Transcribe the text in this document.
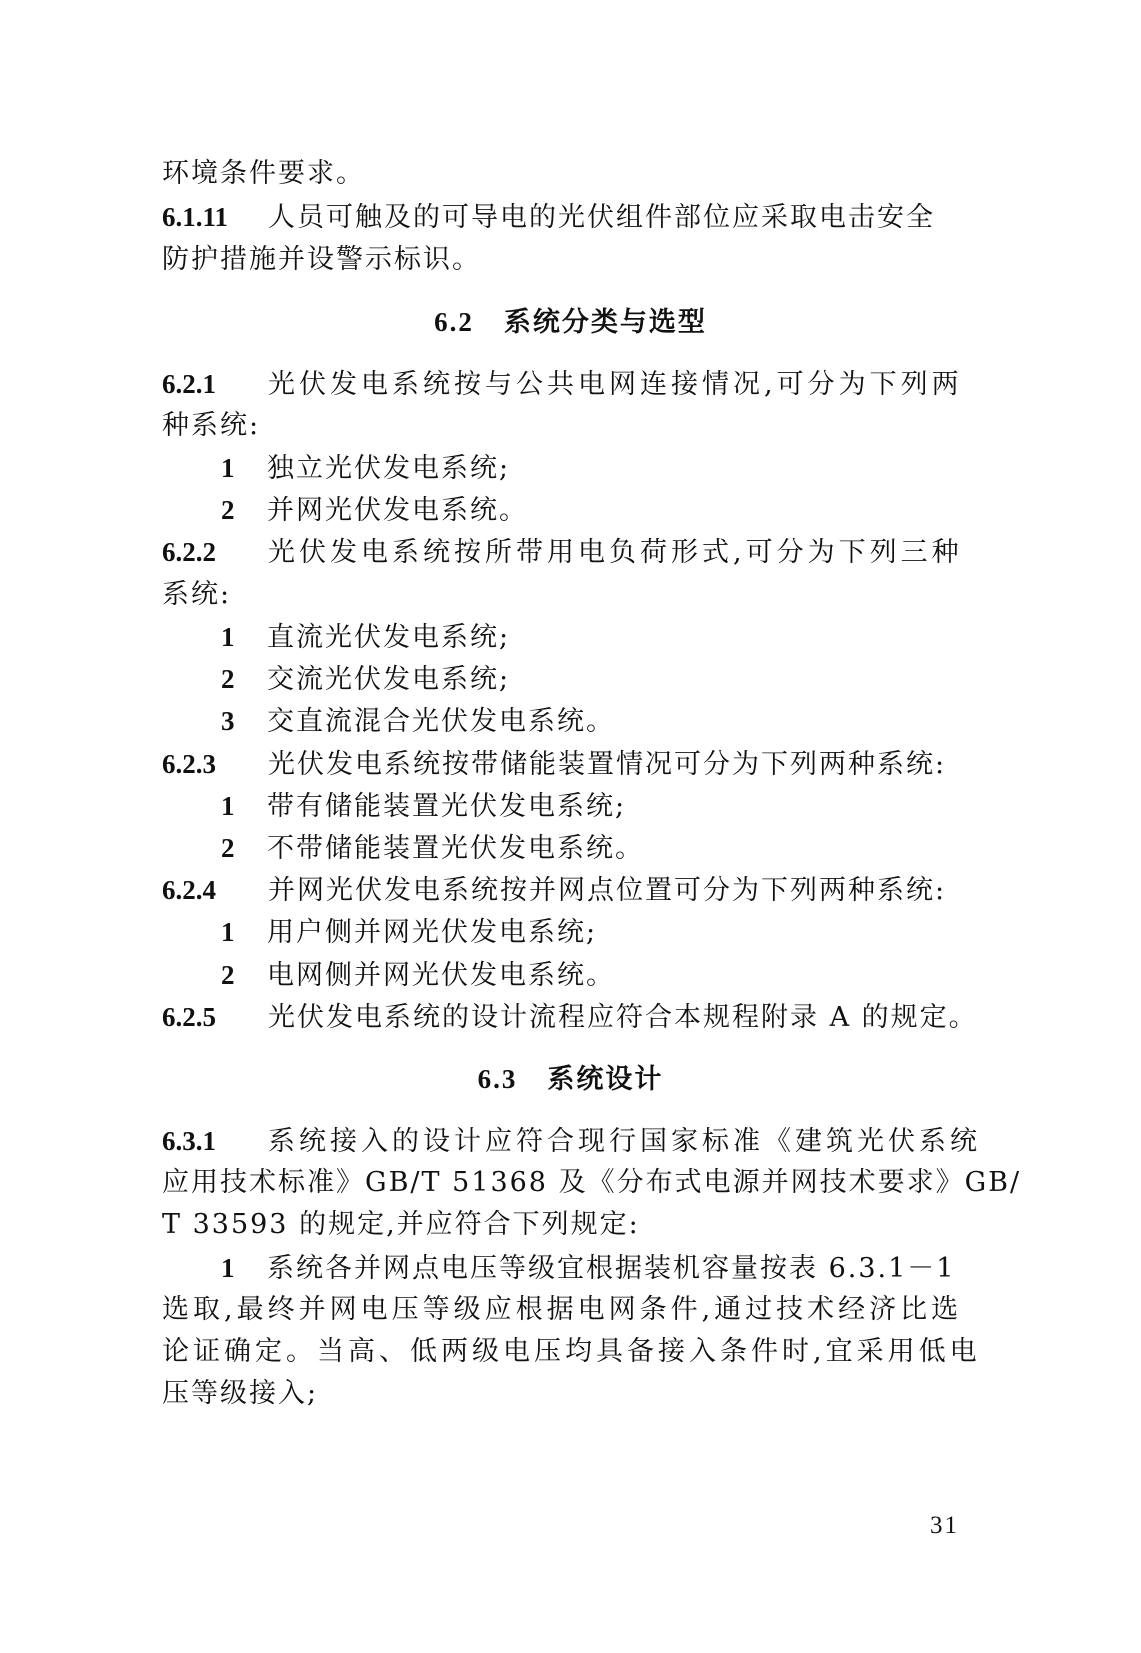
环境条件要求。
6.1.11 人员可触及的可导电的光伏组件部位应采取电击安全
防护措施并设警示标识。
6.2 系统分类与选型
6.2.1 光伏发电系统按与公共电网连接情况,可分为下列两
种系统:
1 独立光伏发电系统;
2 并网光伏发电系统。
6.2.2 光伏发电系统按所带用电负荷形式,可分为下列三种
系统:
1 直流光伏发电系统;
2 交流光伏发电系统;
3 交直流混合光伏发电系统。
6.2.3 光伏发电系统按带储能装置情况可分为下列两种系统:
1 带有储能装置光伏发电系统;
2 不带储能装置光伏发电系统。
6.2.4 并网光伏发电系统按并网点位置可分为下列两种系统:
1 用户侧并网光伏发电系统;
2 电网侧并网光伏发电系统。
6.2.5 光伏发电系统的设计流程应符合本规程附录 A 的规定。
6.3 系统设计
6.3.1 系统接入的设计应符合现行国家标准《建筑光伏系统
应用技术标准》GB/T 51368 及《分布式电源并网技术要求》GB/
T 33593 的规定,并应符合下列规定:
1 系统各并网点电压等级宜根据装机容量按表 6.3.1－1
选取,最终并网电压等级应根据电网条件,通过技术经济比选
论证确定。当高、低两级电压均具备接入条件时,宜采用低电
压等级接入;
31
